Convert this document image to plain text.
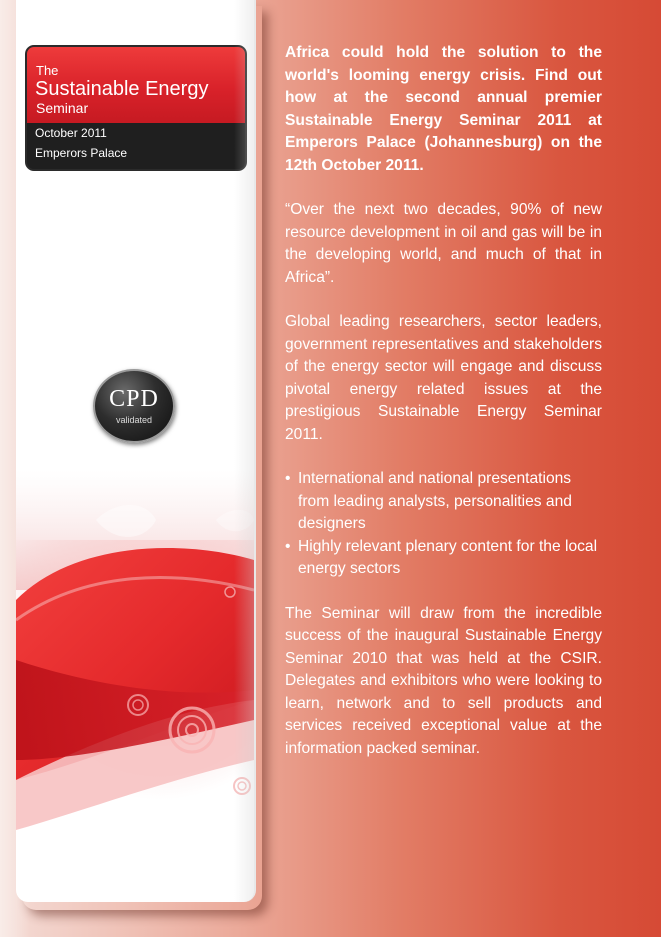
The
Sustainable Energy
Seminar
October 2011
Emperors Palace
CPD
validated

Africa could hold the solution to the world's looming energy crisis. Find out how at the second annual premier Sustainable Energy Seminar 2011 at Emperors Palace (Johannesburg) on the 12th October 2011.

“Over the next two decades, 90% of new resource development in oil and gas will be in the developing world, and much of that in Africa”.

Global leading researchers, sector leaders, government representatives and stakeholders of the energy sector will engage and discuss pivotal energy related issues at the prestigious Sustainable Energy Seminar 2011.

• International and national presentations from leading analysts, personalities and designers
• Highly relevant plenary content for the local energy sectors

The Seminar will draw from the incredible success of the inaugural Sustainable Energy Seminar 2010 that was held at the CSIR. Delegates and exhibitors who were looking to learn, network and to sell products and services received exceptional value at the information packed seminar.
